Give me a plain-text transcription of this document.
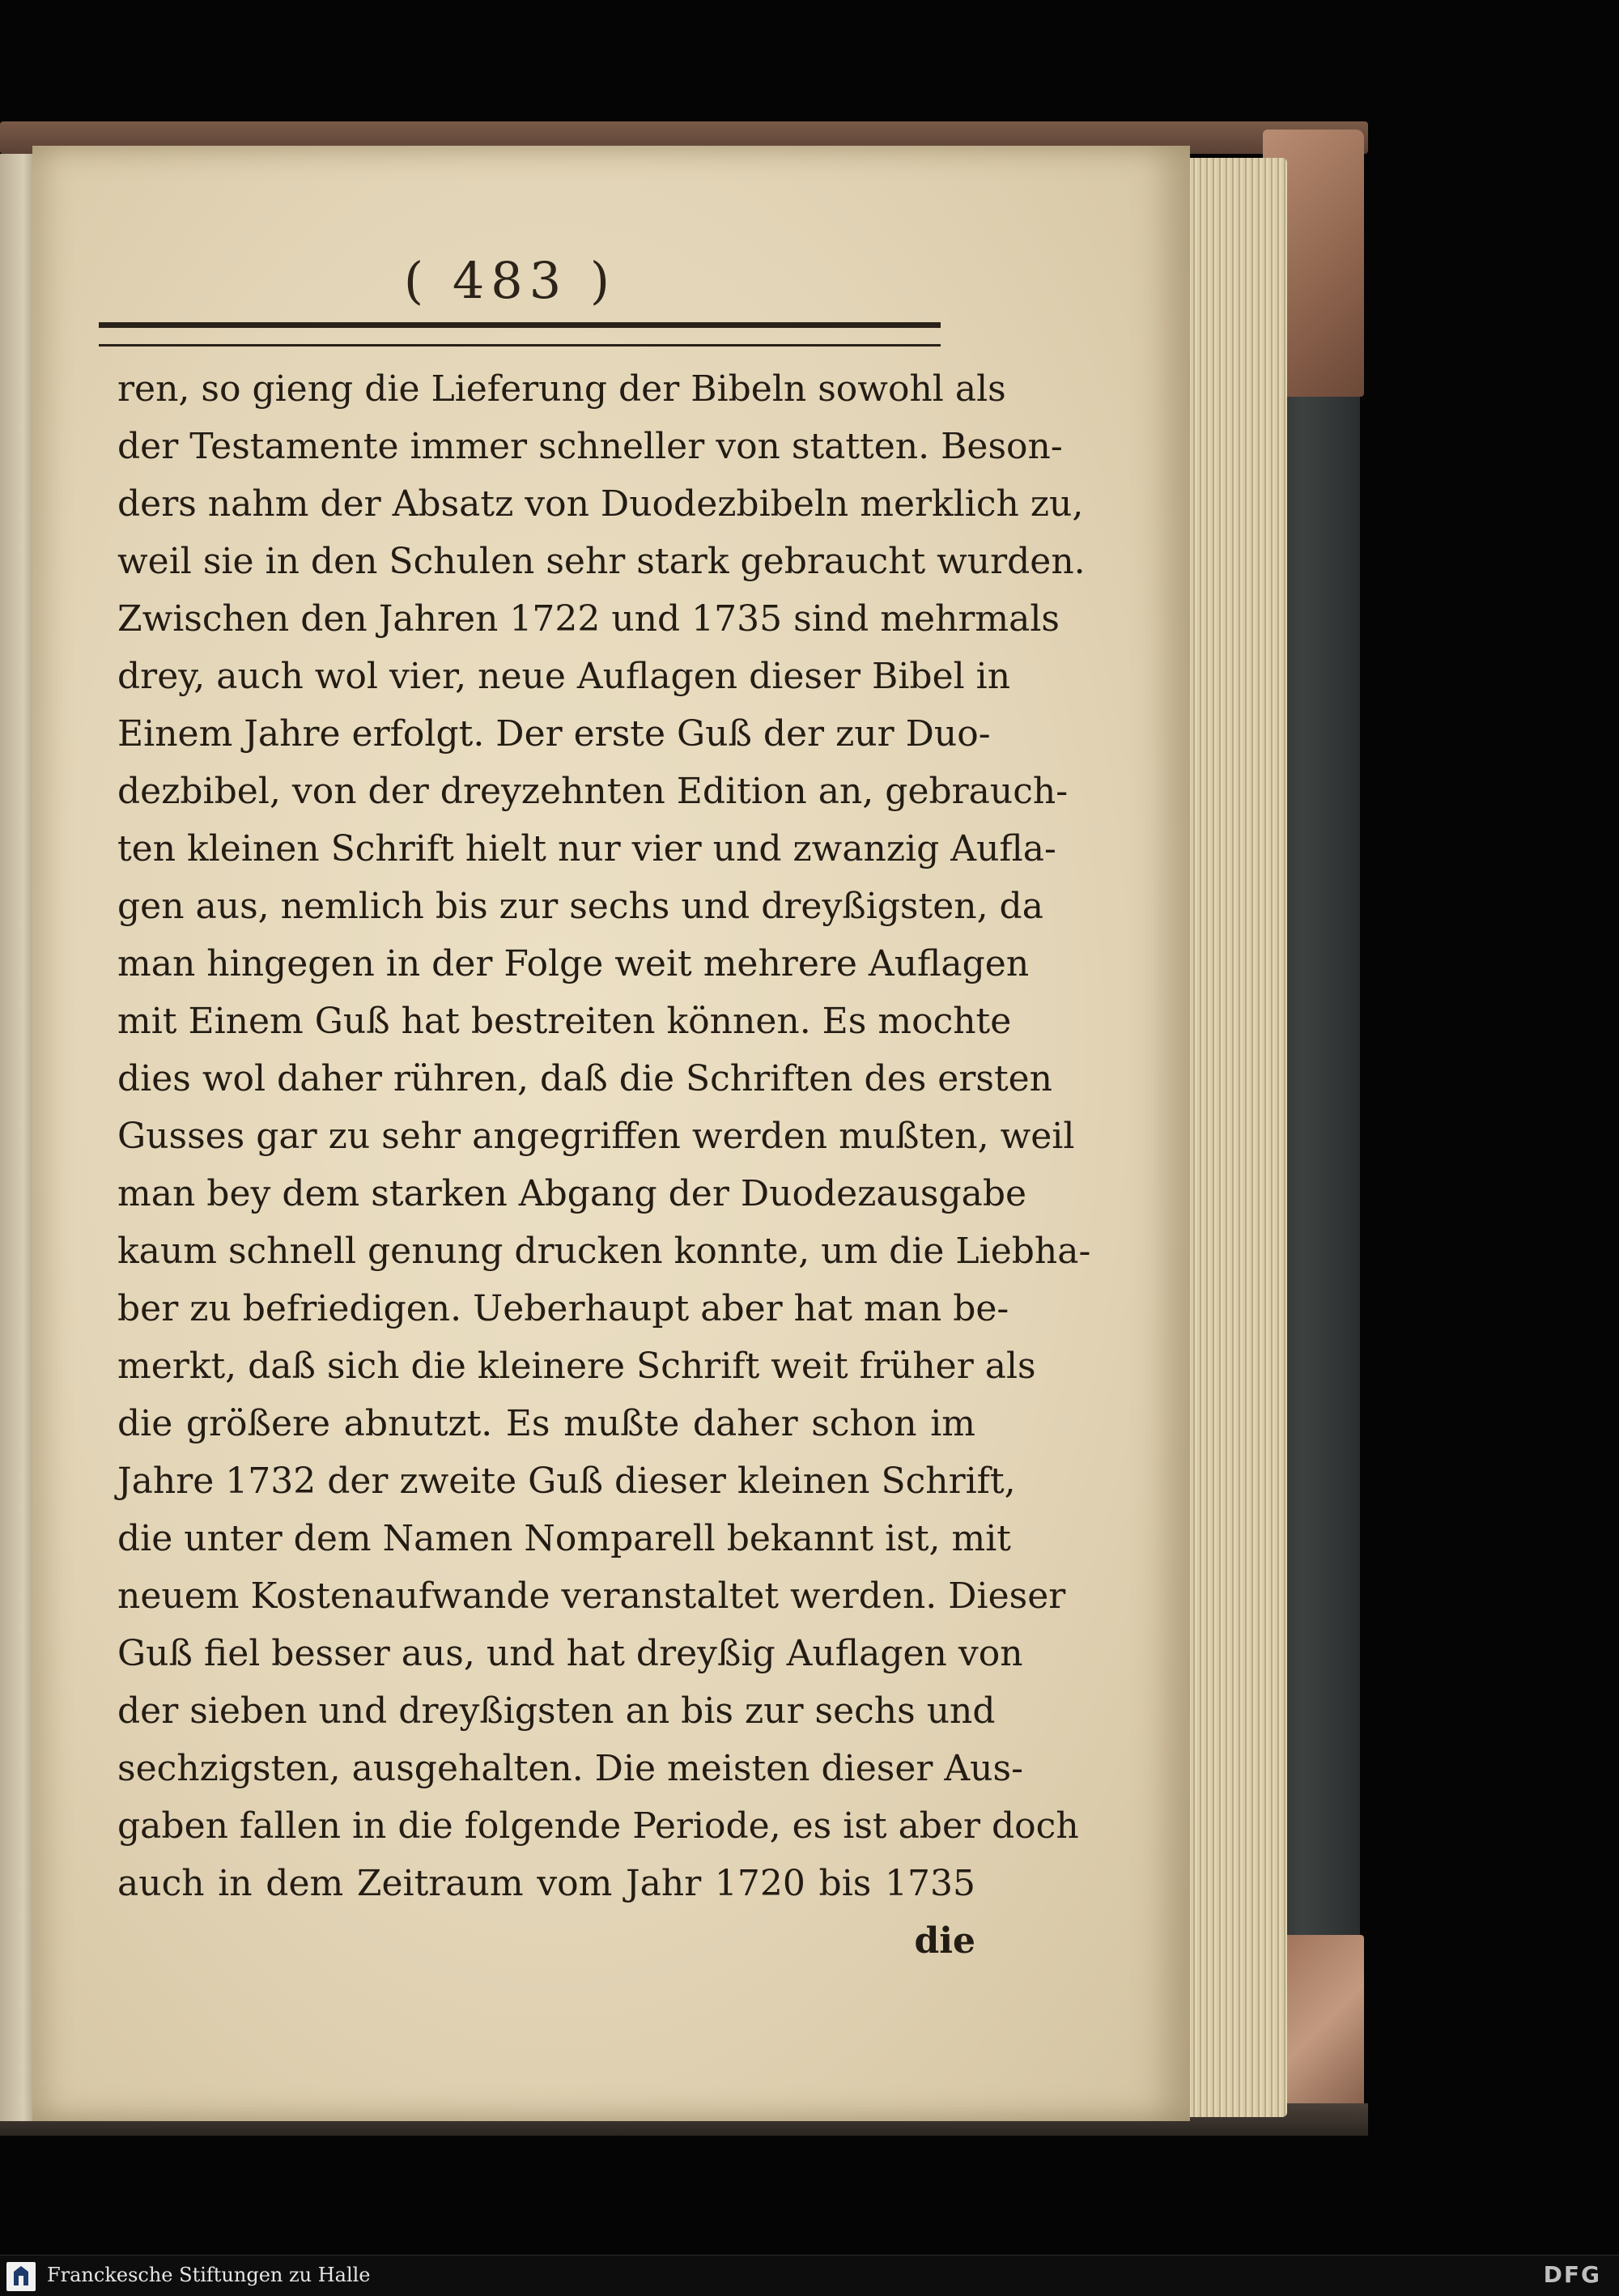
( 483 )
ren, so gieng die Lieferung der Bibeln sowohl als
der Testamente immer schneller von statten. Beson-
ders nahm der Absatz von Duodezbibeln merklich zu,
weil sie in den Schulen sehr stark gebraucht wurden.
Zwischen den Jahren 1722 und 1735 sind mehrmals
drey, auch wol vier, neue Auflagen dieser Bibel in
Einem Jahre erfolgt. Der erste Guß der zur Duo-
dezbibel, von der dreyzehnten Edition an, gebrauch-
ten kleinen Schrift hielt nur vier und zwanzig Aufla-
gen aus, nemlich bis zur sechs und dreyßigsten, da
man hingegen in der Folge weit mehrere Auflagen
mit Einem Guß hat bestreiten können. Es mochte
dies wol daher rühren, daß die Schriften des ersten
Gusses gar zu sehr angegriffen werden mußten, weil
man bey dem starken Abgang der Duodezausgabe
kaum schnell genung drucken konnte, um die Liebha-
ber zu befriedigen. Ueberhaupt aber hat man be-
merkt, daß sich die kleinere Schrift weit früher als
die größere abnutzt. Es mußte daher schon im
Jahre 1732 der zweite Guß dieser kleinen Schrift,
die unter dem Namen Nomparell bekannt ist, mit
neuem Kostenaufwande veranstaltet werden. Dieser
Guß fiel besser aus, und hat dreyßig Auflagen von
der sieben und dreyßigsten an bis zur sechs und
sechzigsten, ausgehalten. Die meisten dieser Aus-
gaben fallen in die folgende Periode, es ist aber doch
auch in dem Zeitraum vom Jahr 1720 bis 1735
die
Franckesche Stiftungen zu Halle	DFG
